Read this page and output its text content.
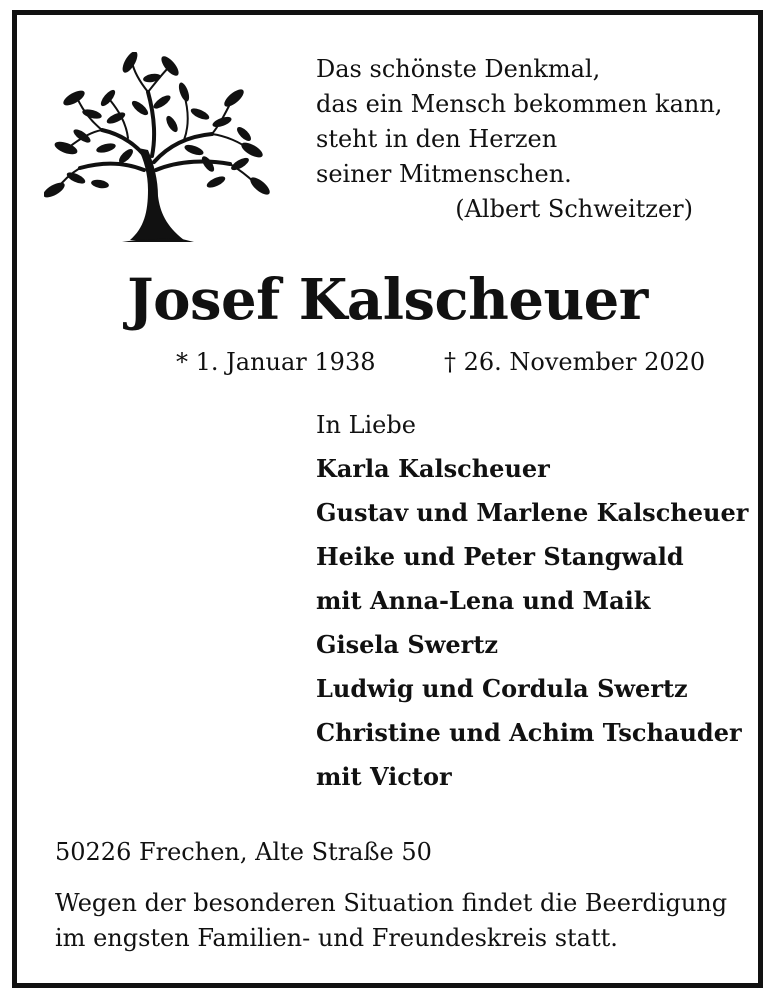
Das schönste Denkmal,
das ein Mensch bekommen kann,
steht in den Herzen
seiner Mitmenschen.
(Albert Schweitzer)
Josef Kalscheuer
* 1. Januar 1938	† 26. November 2020
In Liebe
Karla Kalscheuer
Gustav und Marlene Kalscheuer
Heike und Peter Stangwald
mit Anna-Lena und Maik
Gisela Swertz
Ludwig und Cordula Swertz
Christine und Achim Tschauder
mit Victor
50226 Frechen, Alte Straße 50
Wegen der besonderen Situation findet die Beerdigung
im engsten Familien- und Freundeskreis statt.
